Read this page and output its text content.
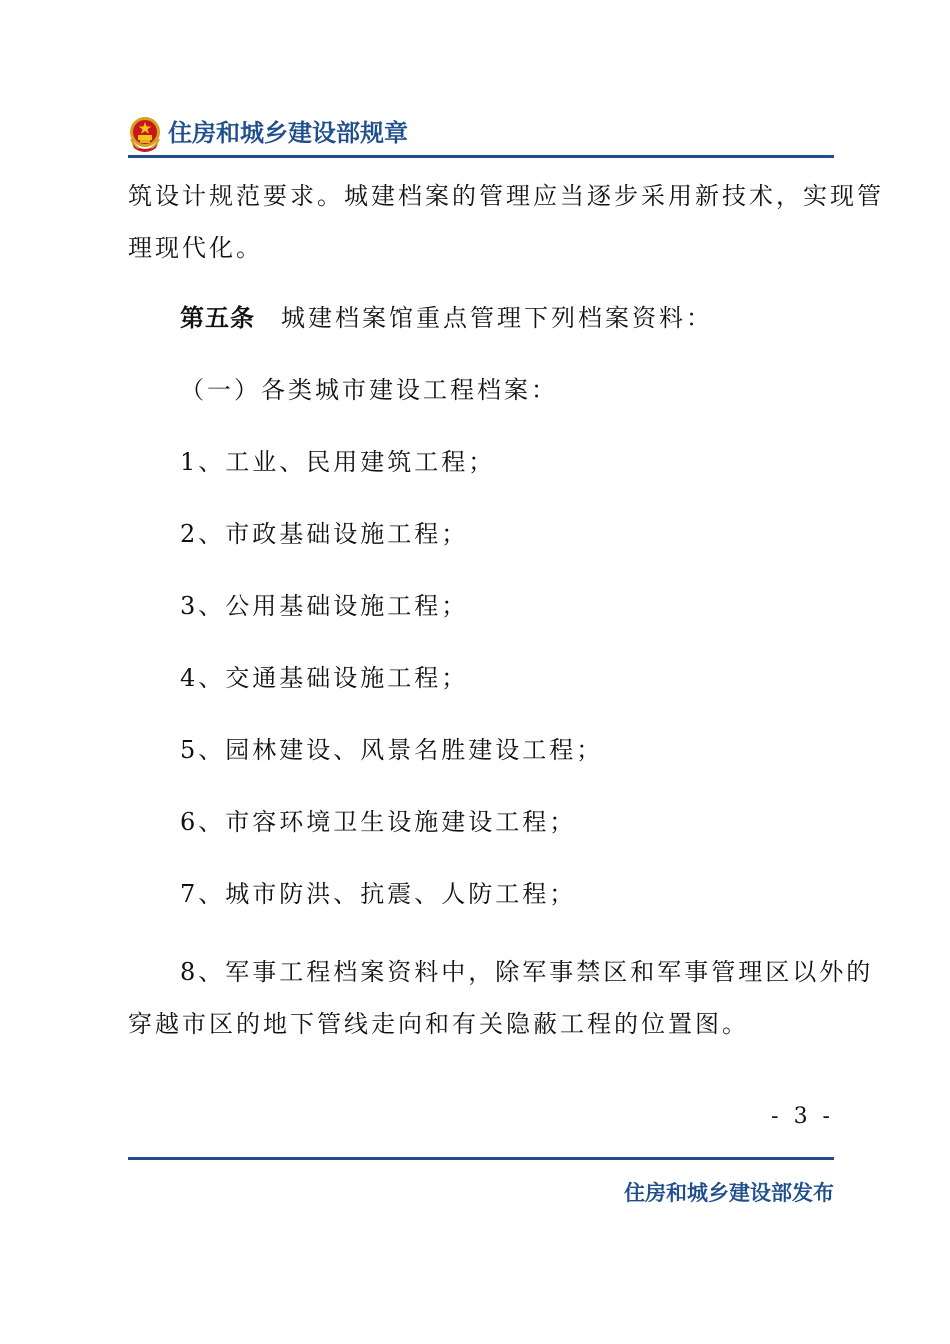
住房和城乡建设部规章
筑设计规范要求。城建档案的管理应当逐步采用新技术，实现管
理现代化。
第五条 城建档案馆重点管理下列档案资料：
（一）各类城市建设工程档案：
1、工业、民用建筑工程；
2、市政基础设施工程；
3、公用基础设施工程；
4、交通基础设施工程；
5、园林建设、风景名胜建设工程；
6、市容环境卫生设施建设工程；
7、城市防洪、抗震、人防工程；
8、军事工程档案资料中，除军事禁区和军事管理区以外的
穿越市区的地下管线走向和有关隐蔽工程的位置图。
- 3 -
住房和城乡建设部发布
